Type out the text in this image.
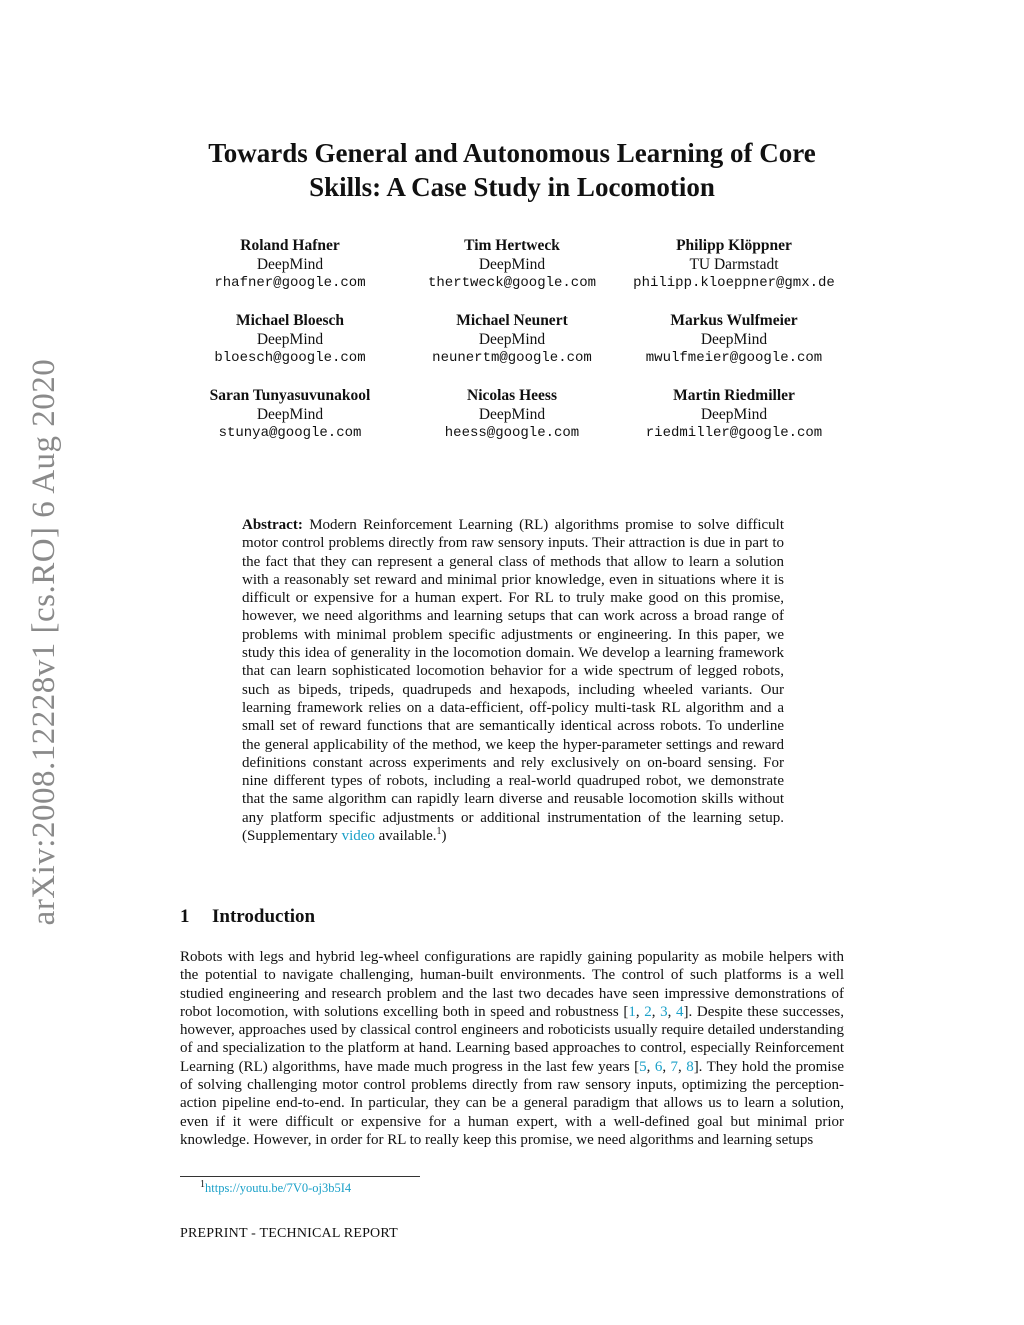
arXiv:2008.12228v1 [cs.RO] 6 Aug 2020
Towards General and Autonomous Learning of Core Skills: A Case Study in Locomotion
Roland Hafner
DeepMind
rhafner@google.com
Tim Hertweck
DeepMind
thertweck@google.com
Philipp Klöppner
TU Darmstadt
philipp.kloeppner@gmx.de
Michael Bloesch
DeepMind
bloesch@google.com
Michael Neunert
DeepMind
neunertm@google.com
Markus Wulfmeier
DeepMind
mwulfmeier@google.com
Saran Tunyasuvunakool
DeepMind
stunya@google.com
Nicolas Heess
DeepMind
heess@google.com
Martin Riedmiller
DeepMind
riedmiller@google.com

Abstract: Modern Reinforcement Learning (RL) algorithms promise to solve difficult motor control problems directly from raw sensory inputs. Their attraction is due in part to the fact that they can represent a general class of methods that allow to learn a solution with a reasonably set reward and minimal prior knowledge, even in situations where it is difficult or expensive for a human expert. For RL to truly make good on this promise, however, we need algorithms and learning setups that can work across a broad range of problems with minimal problem specific adjustments or engineering. In this paper, we study this idea of generality in the locomotion domain. We develop a learning framework that can learn sophisticated locomotion behavior for a wide spectrum of legged robots, such as bipeds, tripeds, quadrupeds and hexapods, including wheeled variants. Our learning framework relies on a data-efficient, off-policy multi-task RL algorithm and a small set of reward functions that are semantically identical across robots. To underline the general applicability of the method, we keep the hyper-parameter settings and reward definitions constant across experiments and rely exclusively on on-board sensing. For nine different types of robots, including a real-world quadruped robot, we demonstrate that the same algorithm can rapidly learn diverse and reusable locomotion skills without any platform specific adjustments or additional instrumentation of the learning setup. (Supplementary video available.$^1$)

1 Introduction

Robots with legs and hybrid leg-wheel configurations are rapidly gaining popularity as mobile helpers with the potential to navigate challenging, human-built environments. The control of such platforms is a well studied engineering and research problem and the last two decades have seen impressive demonstrations of robot locomotion, with solutions excelling both in speed and robustness [1, 2, 3, 4]. Despite these successes, however, approaches used by classical control engineers and roboticists usually require detailed understanding of and specialization to the platform at hand. Learning based approaches to control, especially Reinforcement Learning (RL) algorithms, have made much progress in the last few years [5, 6, 7, 8]. They hold the promise of solving challenging motor control problems directly from raw sensory inputs, optimizing the perception-action pipeline end-to-end. In particular, they can be a general paradigm that allows us to learn a solution, even if it were difficult or expensive for a human expert, with a well-defined goal but minimal prior knowledge. However, in order for RL to really keep this promise, we need algorithms and learning setups

$^1$https://youtu.be/7V0-oj3b5I4
PREPRINT - TECHNICAL REPORT
